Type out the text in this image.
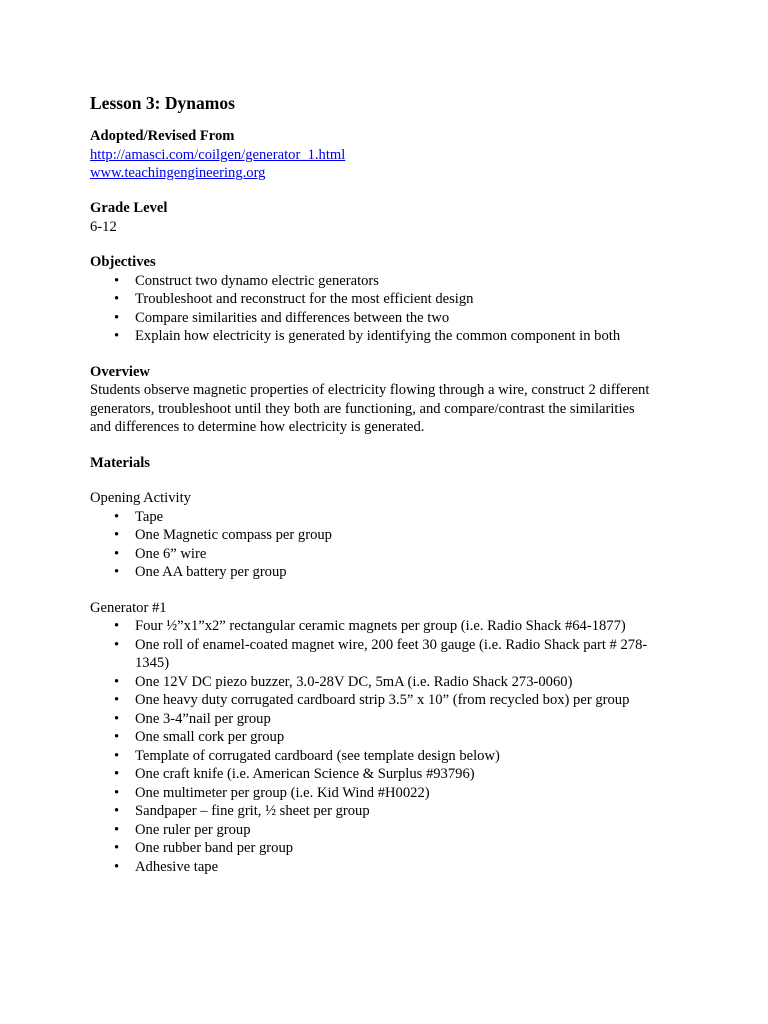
Lesson 3: Dynamos
Adopted/Revised From
http://amasci.com/coilgen/generator_1.html
www.teachingengineering.org
Grade Level
6-12
Objectives
• Construct two dynamo electric generators
• Troubleshoot and reconstruct for the most efficient design
• Compare similarities and differences between the two
• Explain how electricity is generated by identifying the common component in both
Overview
Students observe magnetic properties of electricity flowing through a wire, construct 2 different
generators, troubleshoot until they both are functioning, and compare/contrast the similarities
and differences to determine how electricity is generated.
Materials
Opening Activity
• Tape
• One Magnetic compass per group
• One 6” wire
• One AA battery per group
Generator #1
• Four ½”x1”x2” rectangular ceramic magnets per group (i.e. Radio Shack #64-1877)
• One roll of enamel-coated magnet wire, 200 feet 30 gauge (i.e. Radio Shack part # 278-
1345)
• One 12V DC piezo buzzer, 3.0-28V DC, 5mA (i.e. Radio Shack 273-0060)
• One heavy duty corrugated cardboard strip 3.5” x 10” (from recycled box) per group
• One 3-4”nail per group
• One small cork per group
• Template of corrugated cardboard (see template design below)
• One craft knife (i.e. American Science & Surplus #93796)
• One multimeter per group (i.e. Kid Wind #H0022)
• Sandpaper – fine grit, ½ sheet per group
• One ruler per group
• One rubber band per group
• Adhesive tape
